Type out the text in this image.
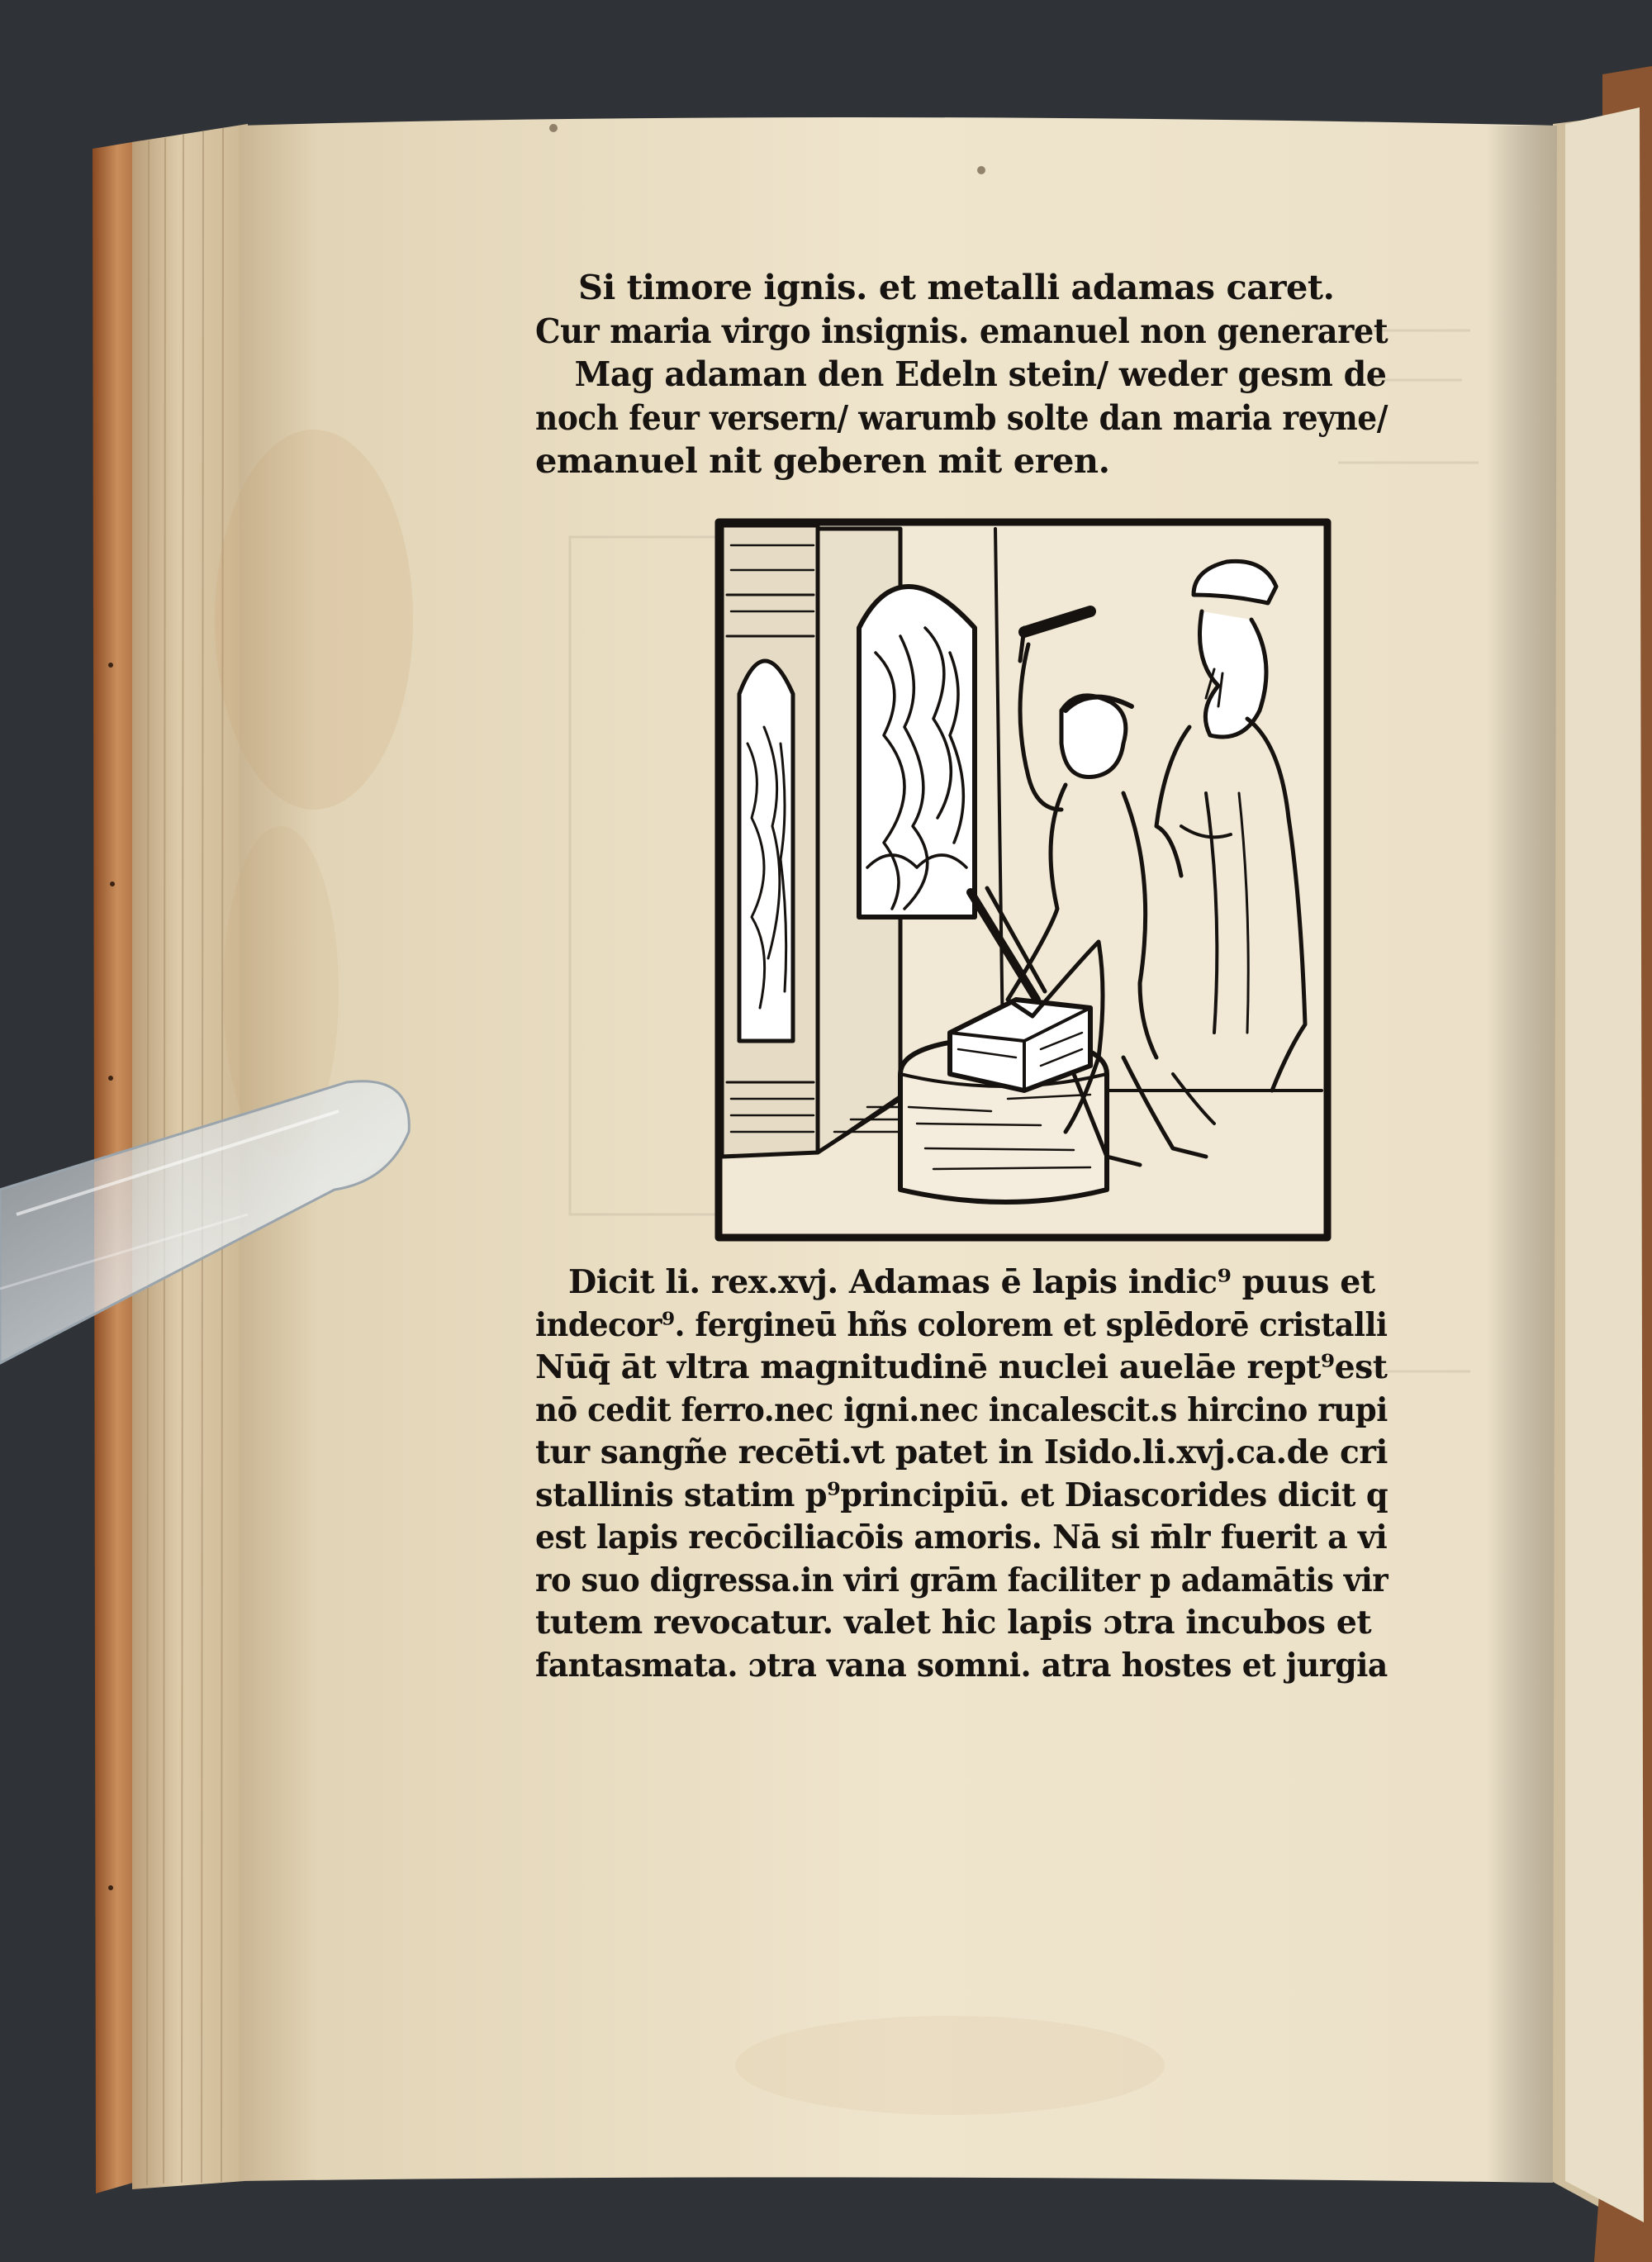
Si timore ignis. et metalli adamas caret.
Cur maria virgo insignis. emanuel non generaret
Mag adaman den Edeln stein/ weder gesm de
noch feur versern/ warumb solte dan maria reyne/
emanuel nit geberen mit eren.
Dicit li. rex.xvj. Adamas ē lapis indic⁹ puus et
indecor⁹. fergineū hñs colorem et splēdorē cristalli
Nūq̄ āt vltra magnitudinē nuclei auelāe rept⁹est
nō cedit ferro.nec igni.nec incalescit.s hircino rupi
tur sangñe recēti.vt patet in Isido.li.xvj.ca.de cri
stallinis statim p⁹principiū. et Diascorides dicit q
est lapis recōciliacōis amoris. Nā si m̄lr fuerit a vi
ro suo digressa.in viri grām faciliter p adamātis vir
tutem revocatur. valet hic lapis ɔtra incubos et
fantasmata. ɔtra vana somni. atra hostes et jurgia
